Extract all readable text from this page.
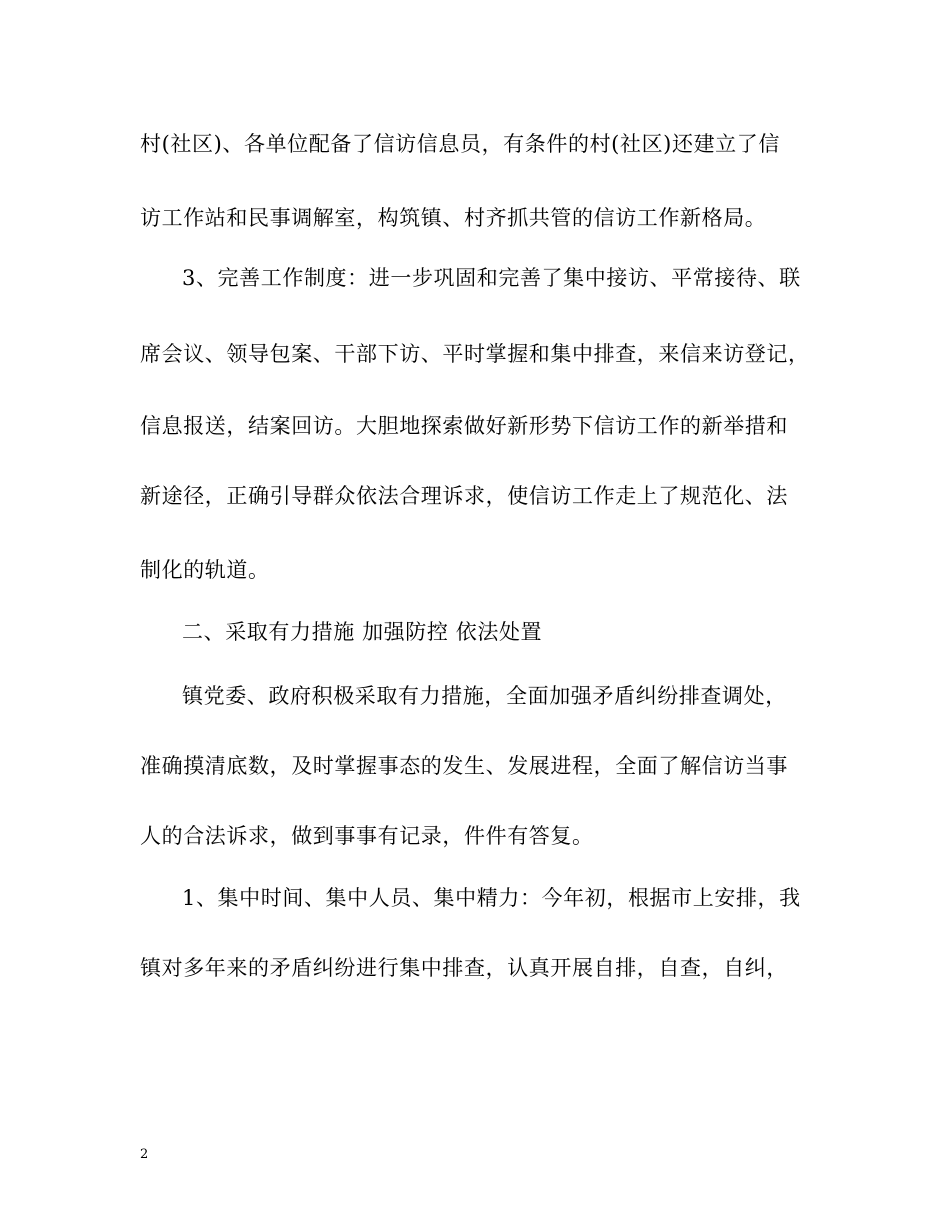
村(社区)、各单位配备了信访信息员，有条件的村(社区)还建立了信
访工作站和民事调解室，构筑镇、村齐抓共管的信访工作新格局。
3、完善工作制度：进一步巩固和完善了集中接访、平常接待、联
席会议、领导包案、干部下访、平时掌握和集中排查，来信来访登记，
信息报送，结案回访。大胆地探索做好新形势下信访工作的新举措和
新途径，正确引导群众依法合理诉求，使信访工作走上了规范化、法
制化的轨道。
二、采取有力措施 加强防控 依法处置
镇党委、政府积极采取有力措施，全面加强矛盾纠纷排查调处，
准确摸清底数，及时掌握事态的发生、发展进程，全面了解信访当事
人的合法诉求，做到事事有记录，件件有答复。
1、集中时间、集中人员、集中精力：今年初，根据市上安排，我
镇对多年来的矛盾纠纷进行集中排查，认真开展自排，自查，自纠，
2
